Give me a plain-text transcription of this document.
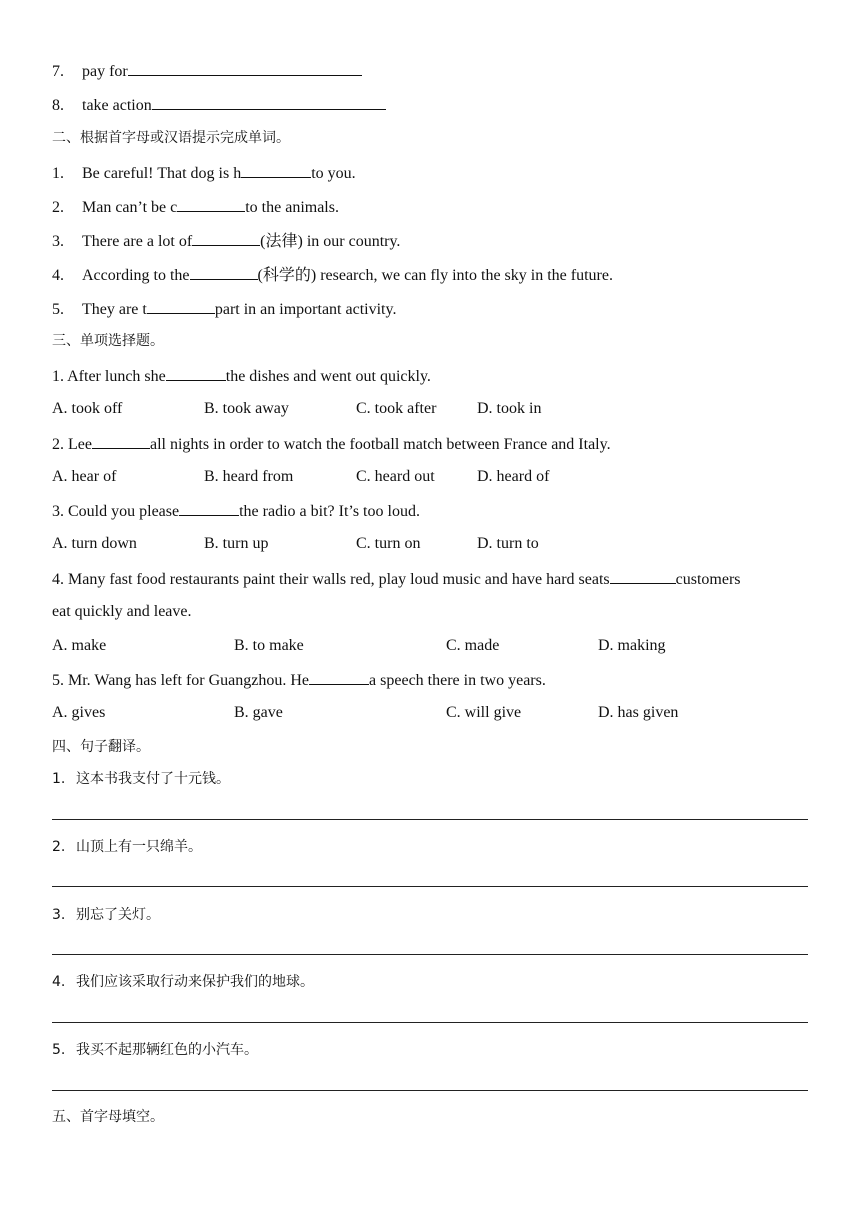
7. pay for
8. take action
二、根据首字母或汉语提示完成单词。
1. Be careful! That dog is h	to you.
2. Man can’t be c	to the animals.
3. There are a lot of	(法律) in our country.
4. According to the	(科学的) research, we can fly into the sky in the future.
5. They are t	part in an important activity.
三、单项选择题。
1. After lunch she	the dishes and went out quickly.
A. took off	B. took away	C. took after	D. took in
2. Lee	all nights in order to watch the football match between France and Italy.
A. hear of	B. heard from	C. heard out	D. heard of
3. Could you please	the radio a bit? It’s too loud.
A. turn down	B. turn up	C. turn on	D. turn to
4. Many fast food restaurants paint their walls red, play loud music and have hard seats	customers
eat quickly and leave.
A. make	B. to make	C. made	D. making
5. Mr. Wang has left for Guangzhou. He	a speech there in two years.
A. gives	B. gave	C. will give	D. has given
四、句子翻译。
1. 这本书我支付了十元钱。
2. 山顶上有一只绵羊。
3. 别忘了关灯。
4. 我们应该采取行动来保护我们的地球。
5. 我买不起那辆红色的小汽车。
五、首字母填空。
